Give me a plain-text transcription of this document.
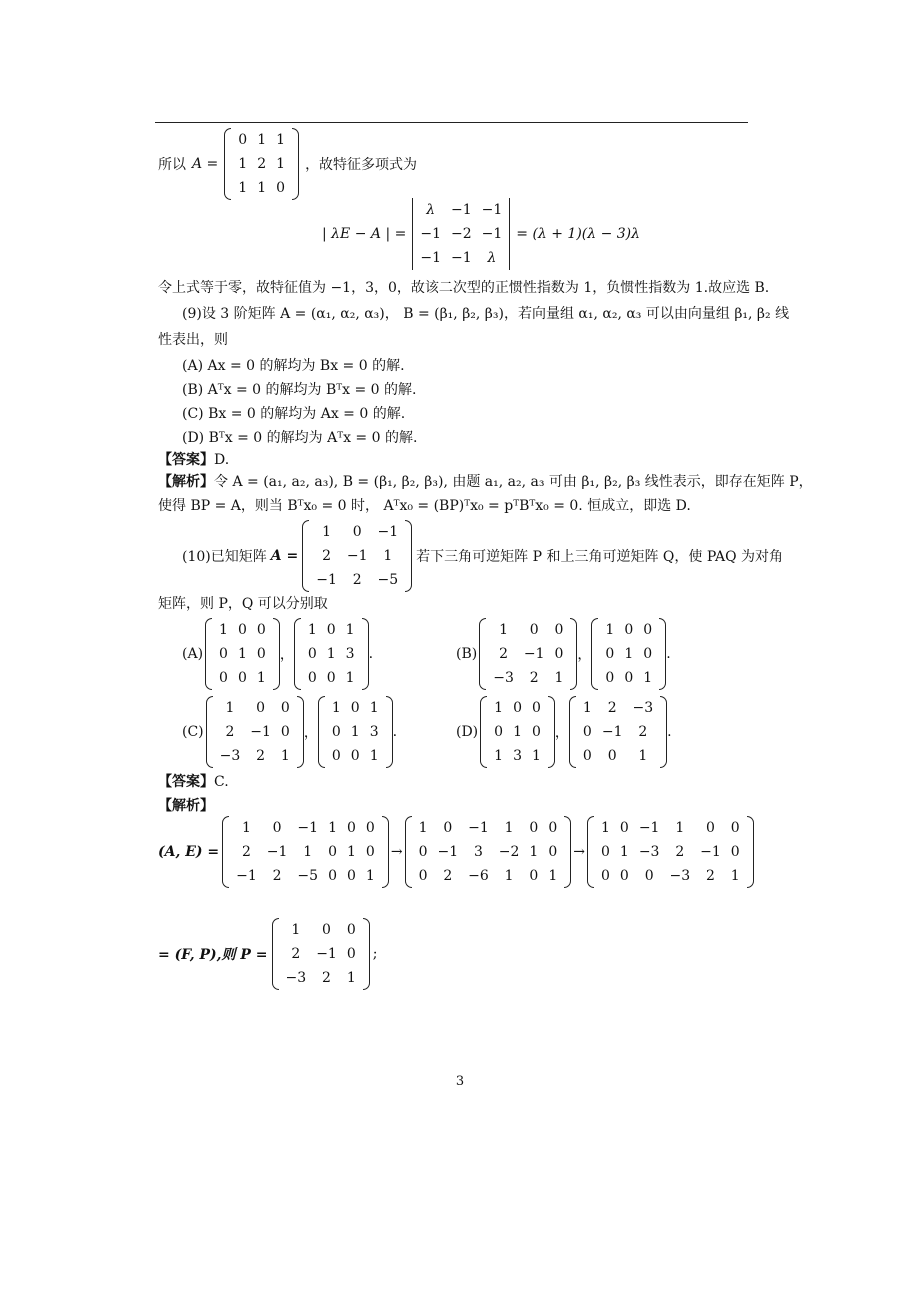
所以 A =
0	1	1
1	2	1
1	1	0
，故特征多项式为
| λE − A | =
λ	−1	−1
−1	−2	−1
−1	−1	λ
= (λ + 1)(λ − 3)λ
令上式等于零，故特征值为 −1，3，0，故该二次型的正惯性指数为 1，负惯性指数为 1.故应选 B.
(9)设 3 阶矩阵 A = (α₁, α₂, α₃)， B = (β₁, β₂, β₃)，若向量组 α₁, α₂, α₃ 可以由向量组 β₁, β₂ 线
性表出，则
(A) Ax = 0 的解均为 Bx = 0 的解.
(B) Aᵀx = 0 的解均为 Bᵀx = 0 的解.
(C) Bx = 0 的解均为 Ax = 0 的解.
(D) Bᵀx = 0 的解均为 Aᵀx = 0 的解.
【答案】D.
【解析】令 A = (a₁, a₂, a₃), B = (β₁, β₂, β₃), 由题 a₁, a₂, a₃ 可由 β₁, β₂, β₃ 线性表示，即存在矩阵 P，
使得 BP = A，则当 Bᵀx₀ = 0 时， Aᵀx₀ = (BP)ᵀx₀ = pᵀBᵀx₀ = 0. 恒成立，即选 D.
(10)已知矩阵 A =
1	0	−1
2	−1	1
−1	2	−5
若下三角可逆矩阵 P 和上三角可逆矩阵 Q，使 PAQ 为对角
矩阵，则 P，Q 可以分别取
(A)
1	0	0
0	1	0
0	0	1
，
1	0	1
0	1	3
0	0	1
.	(B)
1	0	0
2	−1	0
−3	2	1
，
1	0	0
0	1	0
0	0	1
.
(C)
1	0	0
2	−1	0
−3	2	1
，
1	0	1
0	1	3
0	0	1
.	(D)
1	0	0
0	1	0
1	3	1
，
1	2	−3
0	−1	2
0	0	1
.
【答案】C.
【解析】
(A, E) =
1	0	−1	1	0	0
2	−1	1	0	1	0
−1	2	−5	0	0	1
→
1	0	−1	1	0	0
0	−1	3	−2	1	0
0	2	−6	1	0	1
→
1	0	−1	1	0	0
0	1	−3	2	−1	0
0	0	0	−3	2	1
= (F, P),则 P =
1	0	0
2	−1	0
−3	2	1
;
3
